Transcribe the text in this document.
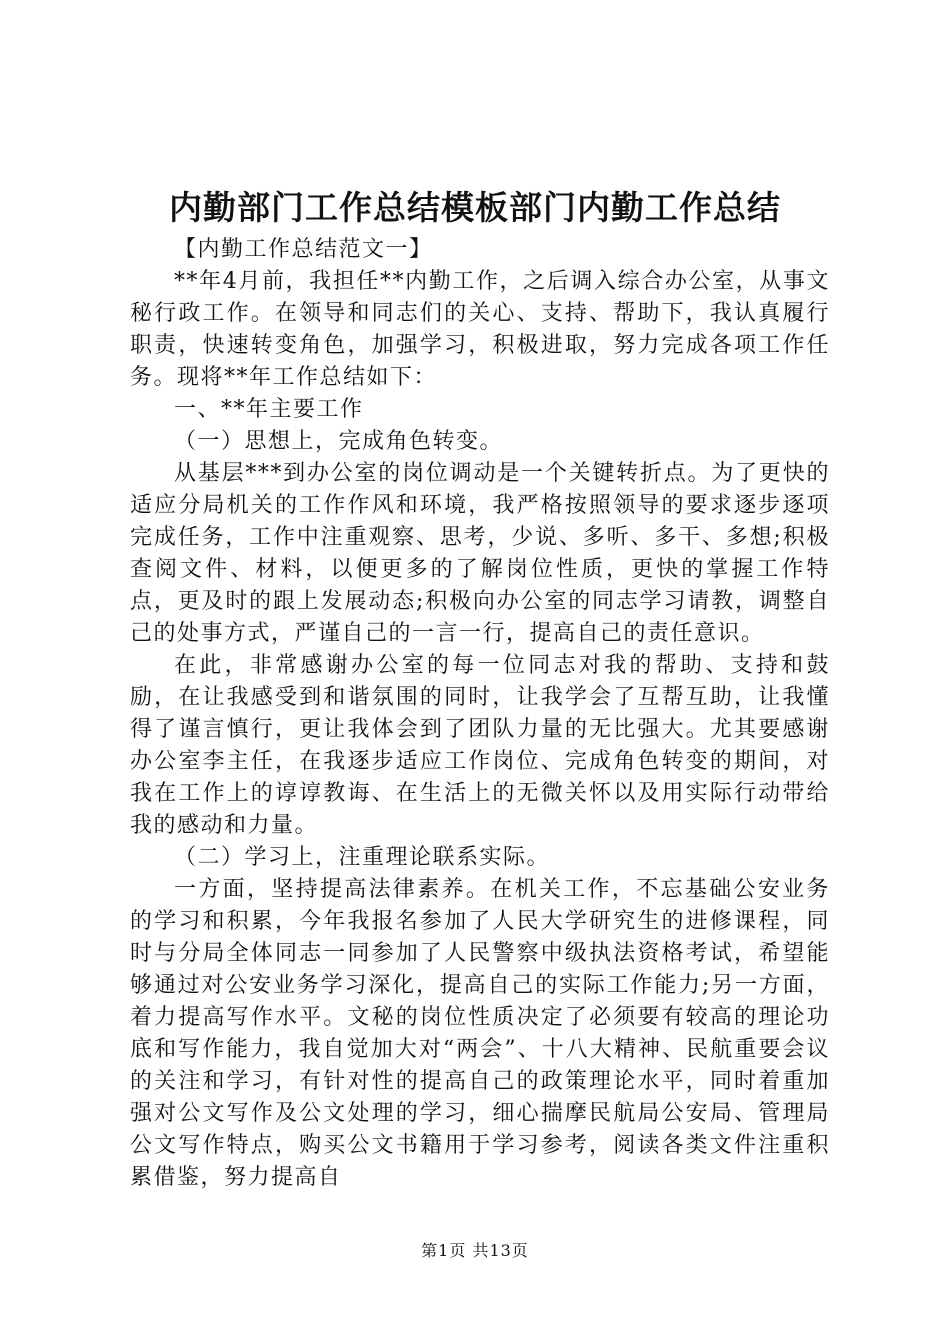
内勤部门工作总结模板部门内勤工作总结

【内勤工作总结范文一】

**年4月前，我担任**内勤工作，之后调入综合办公室，从事文秘行政工作。在领导和同志们的关心、支持、帮助下，我认真履行职责，快速转变角色，加强学习，积极进取，努力完成各项工作任务。现将**年工作总结如下：

一、**年主要工作

（一）思想上，完成角色转变。

从基层***到办公室的岗位调动是一个关键转折点。为了更快的适应分局机关的工作作风和环境，我严格按照领导的要求逐步逐项完成任务，工作中注重观察、思考，少说、多听、多干、多想;积极查阅文件、材料，以便更多的了解岗位性质，更快的掌握工作特点，更及时的跟上发展动态;积极向办公室的同志学习请教，调整自己的处事方式，严谨自己的一言一行，提高自己的责任意识。

在此，非常感谢办公室的每一位同志对我的帮助、支持和鼓励，在让我感受到和谐氛围的同时，让我学会了互帮互助，让我懂得了谨言慎行，更让我体会到了团队力量的无比强大。尤其要感谢办公室李主任，在我逐步适应工作岗位、完成角色转变的期间，对我在工作上的谆谆教诲、在生活上的无微关怀以及用实际行动带给我的感动和力量。

（二）学习上，注重理论联系实际。

一方面，坚持提高法律素养。在机关工作，不忘基础公安业务的学习和积累，今年我报名参加了人民大学研究生的进修课程，同时与分局全体同志一同参加了人民警察中级执法资格考试，希望能够通过对公安业务学习深化，提高自己的实际工作能力;另一方面，着力提高写作水平。文秘的岗位性质决定了必须要有较高的理论功底和写作能力，我自觉加大对“两会”、十八大精神、民航重要会议的关注和学习，有针对性的提高自己的政策理论水平，同时着重加强对公文写作及公文处理的学习，细心揣摩民航局公安局、管理局公文写作特点，购买公文书籍用于学习参考，阅读各类文件注重积累借鉴，努力提高自

第1页 共13页
